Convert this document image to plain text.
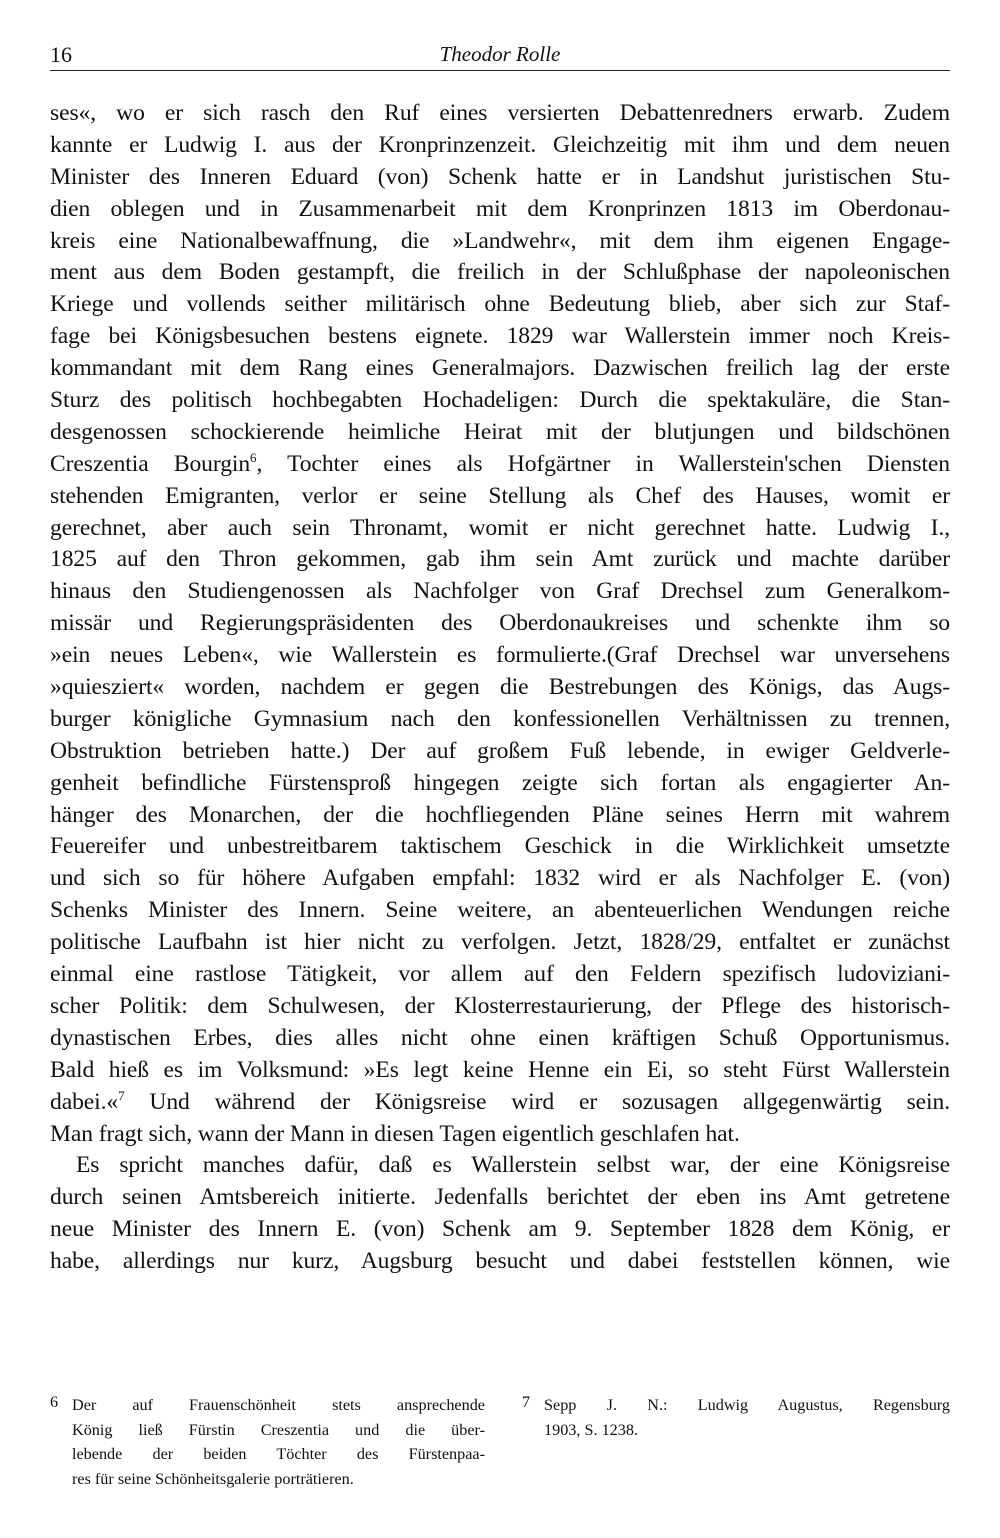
16	Theodor Rolle
ses«, wo er sich rasch den Ruf eines versierten Debattenredners erwarb. Zudem
kannte er Ludwig I. aus der Kronprinzenzeit. Gleichzeitig mit ihm und dem neuen
Minister des Inneren Eduard (von) Schenk hatte er in Landshut juristischen Stu-
dien oblegen und in Zusammenarbeit mit dem Kronprinzen 1813 im Oberdonau-
kreis eine Nationalbewaffnung, die »Landwehr«, mit dem ihm eigenen Engage-
ment aus dem Boden gestampft, die freilich in der Schlußphase der napoleonischen
Kriege und vollends seither militärisch ohne Bedeutung blieb, aber sich zur Staf-
fage bei Königsbesuchen bestens eignete. 1829 war Wallerstein immer noch Kreis-
kommandant mit dem Rang eines Generalmajors. Dazwischen freilich lag der erste
Sturz des politisch hochbegabten Hochadeligen: Durch die spektakuläre, die Stan-
desgenossen schockierende heimliche Heirat mit der blutjungen und bildschönen
Creszentia Bourgin$^6$, Tochter eines als Hofgärtner in Wallerstein'schen Diensten
stehenden Emigranten, verlor er seine Stellung als Chef des Hauses, womit er
gerechnet, aber auch sein Thronamt, womit er nicht gerechnet hatte. Ludwig I.,
1825 auf den Thron gekommen, gab ihm sein Amt zurück und machte darüber
hinaus den Studiengenossen als Nachfolger von Graf Drechsel zum Generalkom-
missär und Regierungspräsidenten des Oberdonaukreises und schenkte ihm so
»ein neues Leben«, wie Wallerstein es formulierte.(Graf Drechsel war unversehens
»quiesziert« worden, nachdem er gegen die Bestrebungen des Königs, das Augs-
burger königliche Gymnasium nach den konfessionellen Verhältnissen zu trennen,
Obstruktion betrieben hatte.) Der auf großem Fuß lebende, in ewiger Geldverle-
genheit befindliche Fürstensproß hingegen zeigte sich fortan als engagierter An-
hänger des Monarchen, der die hochfliegenden Pläne seines Herrn mit wahrem
Feuereifer und unbestreitbarem taktischem Geschick in die Wirklichkeit umsetzte
und sich so für höhere Aufgaben empfahl: 1832 wird er als Nachfolger E. (von)
Schenks Minister des Innern. Seine weitere, an abenteuerlichen Wendungen reiche
politische Laufbahn ist hier nicht zu verfolgen. Jetzt, 1828/29, entfaltet er zunächst
einmal eine rastlose Tätigkeit, vor allem auf den Feldern spezifisch ludoviziani-
scher Politik: dem Schulwesen, der Klosterrestaurierung, der Pflege des historisch-
dynastischen Erbes, dies alles nicht ohne einen kräftigen Schuß Opportunismus.
Bald hieß es im Volksmund: »Es legt keine Henne ein Ei, so steht Fürst Wallerstein
dabei.«$^7$ Und während der Königsreise wird er sozusagen allgegenwärtig sein.
Man fragt sich, wann der Mann in diesen Tagen eigentlich geschlafen hat.
Es spricht manches dafür, daß es Wallerstein selbst war, der eine Königsreise
durch seinen Amtsbereich initierte. Jedenfalls berichtet der eben ins Amt getretene
neue Minister des Innern E. (von) Schenk am 9. September 1828 dem König, er
habe, allerdings nur kurz, Augsburg besucht und dabei feststellen können, wie
6 Der auf Frauenschönheit stets ansprechende
König ließ Fürstin Creszentia und die über-
lebende der beiden Töchter des Fürstenpaa-
res für seine Schönheitsgalerie porträtieren.
7 Sepp J. N.: Ludwig Augustus, Regensburg
1903, S. 1238.
